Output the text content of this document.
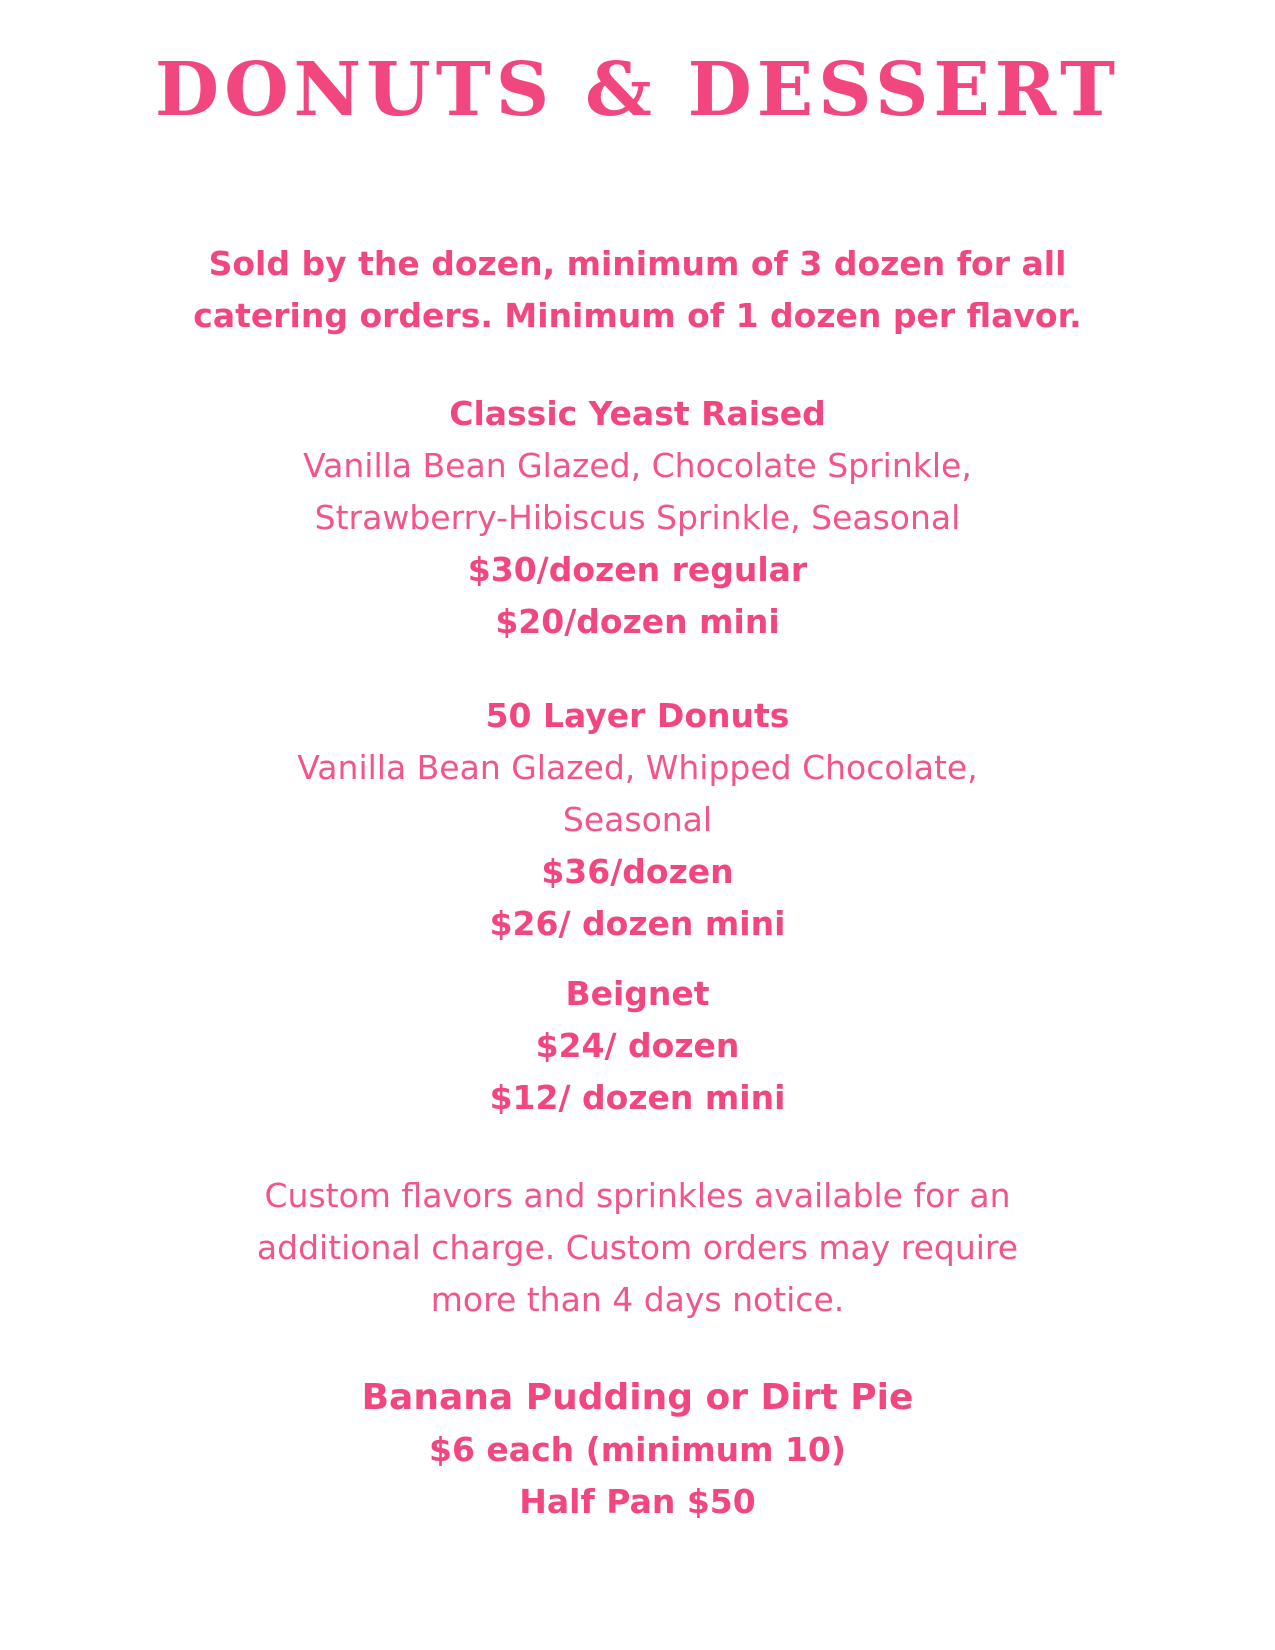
DONUTS & DESSERT
Sold by the dozen, minimum of 3 dozen for all
catering orders. Minimum of 1 dozen per flavor.
Classic Yeast Raised
Vanilla Bean Glazed, Chocolate Sprinkle,
Strawberry-Hibiscus Sprinkle, Seasonal
$30/dozen regular
$20/dozen mini
50 Layer Donuts
Vanilla Bean Glazed, Whipped Chocolate,
Seasonal
$36/dozen
$26/ dozen mini
Beignet
$24/ dozen
$12/ dozen mini
Custom flavors and sprinkles available for an
additional charge. Custom orders may require
more than 4 days notice.
Banana Pudding or Dirt Pie
$6 each (minimum 10)
Half Pan $50
